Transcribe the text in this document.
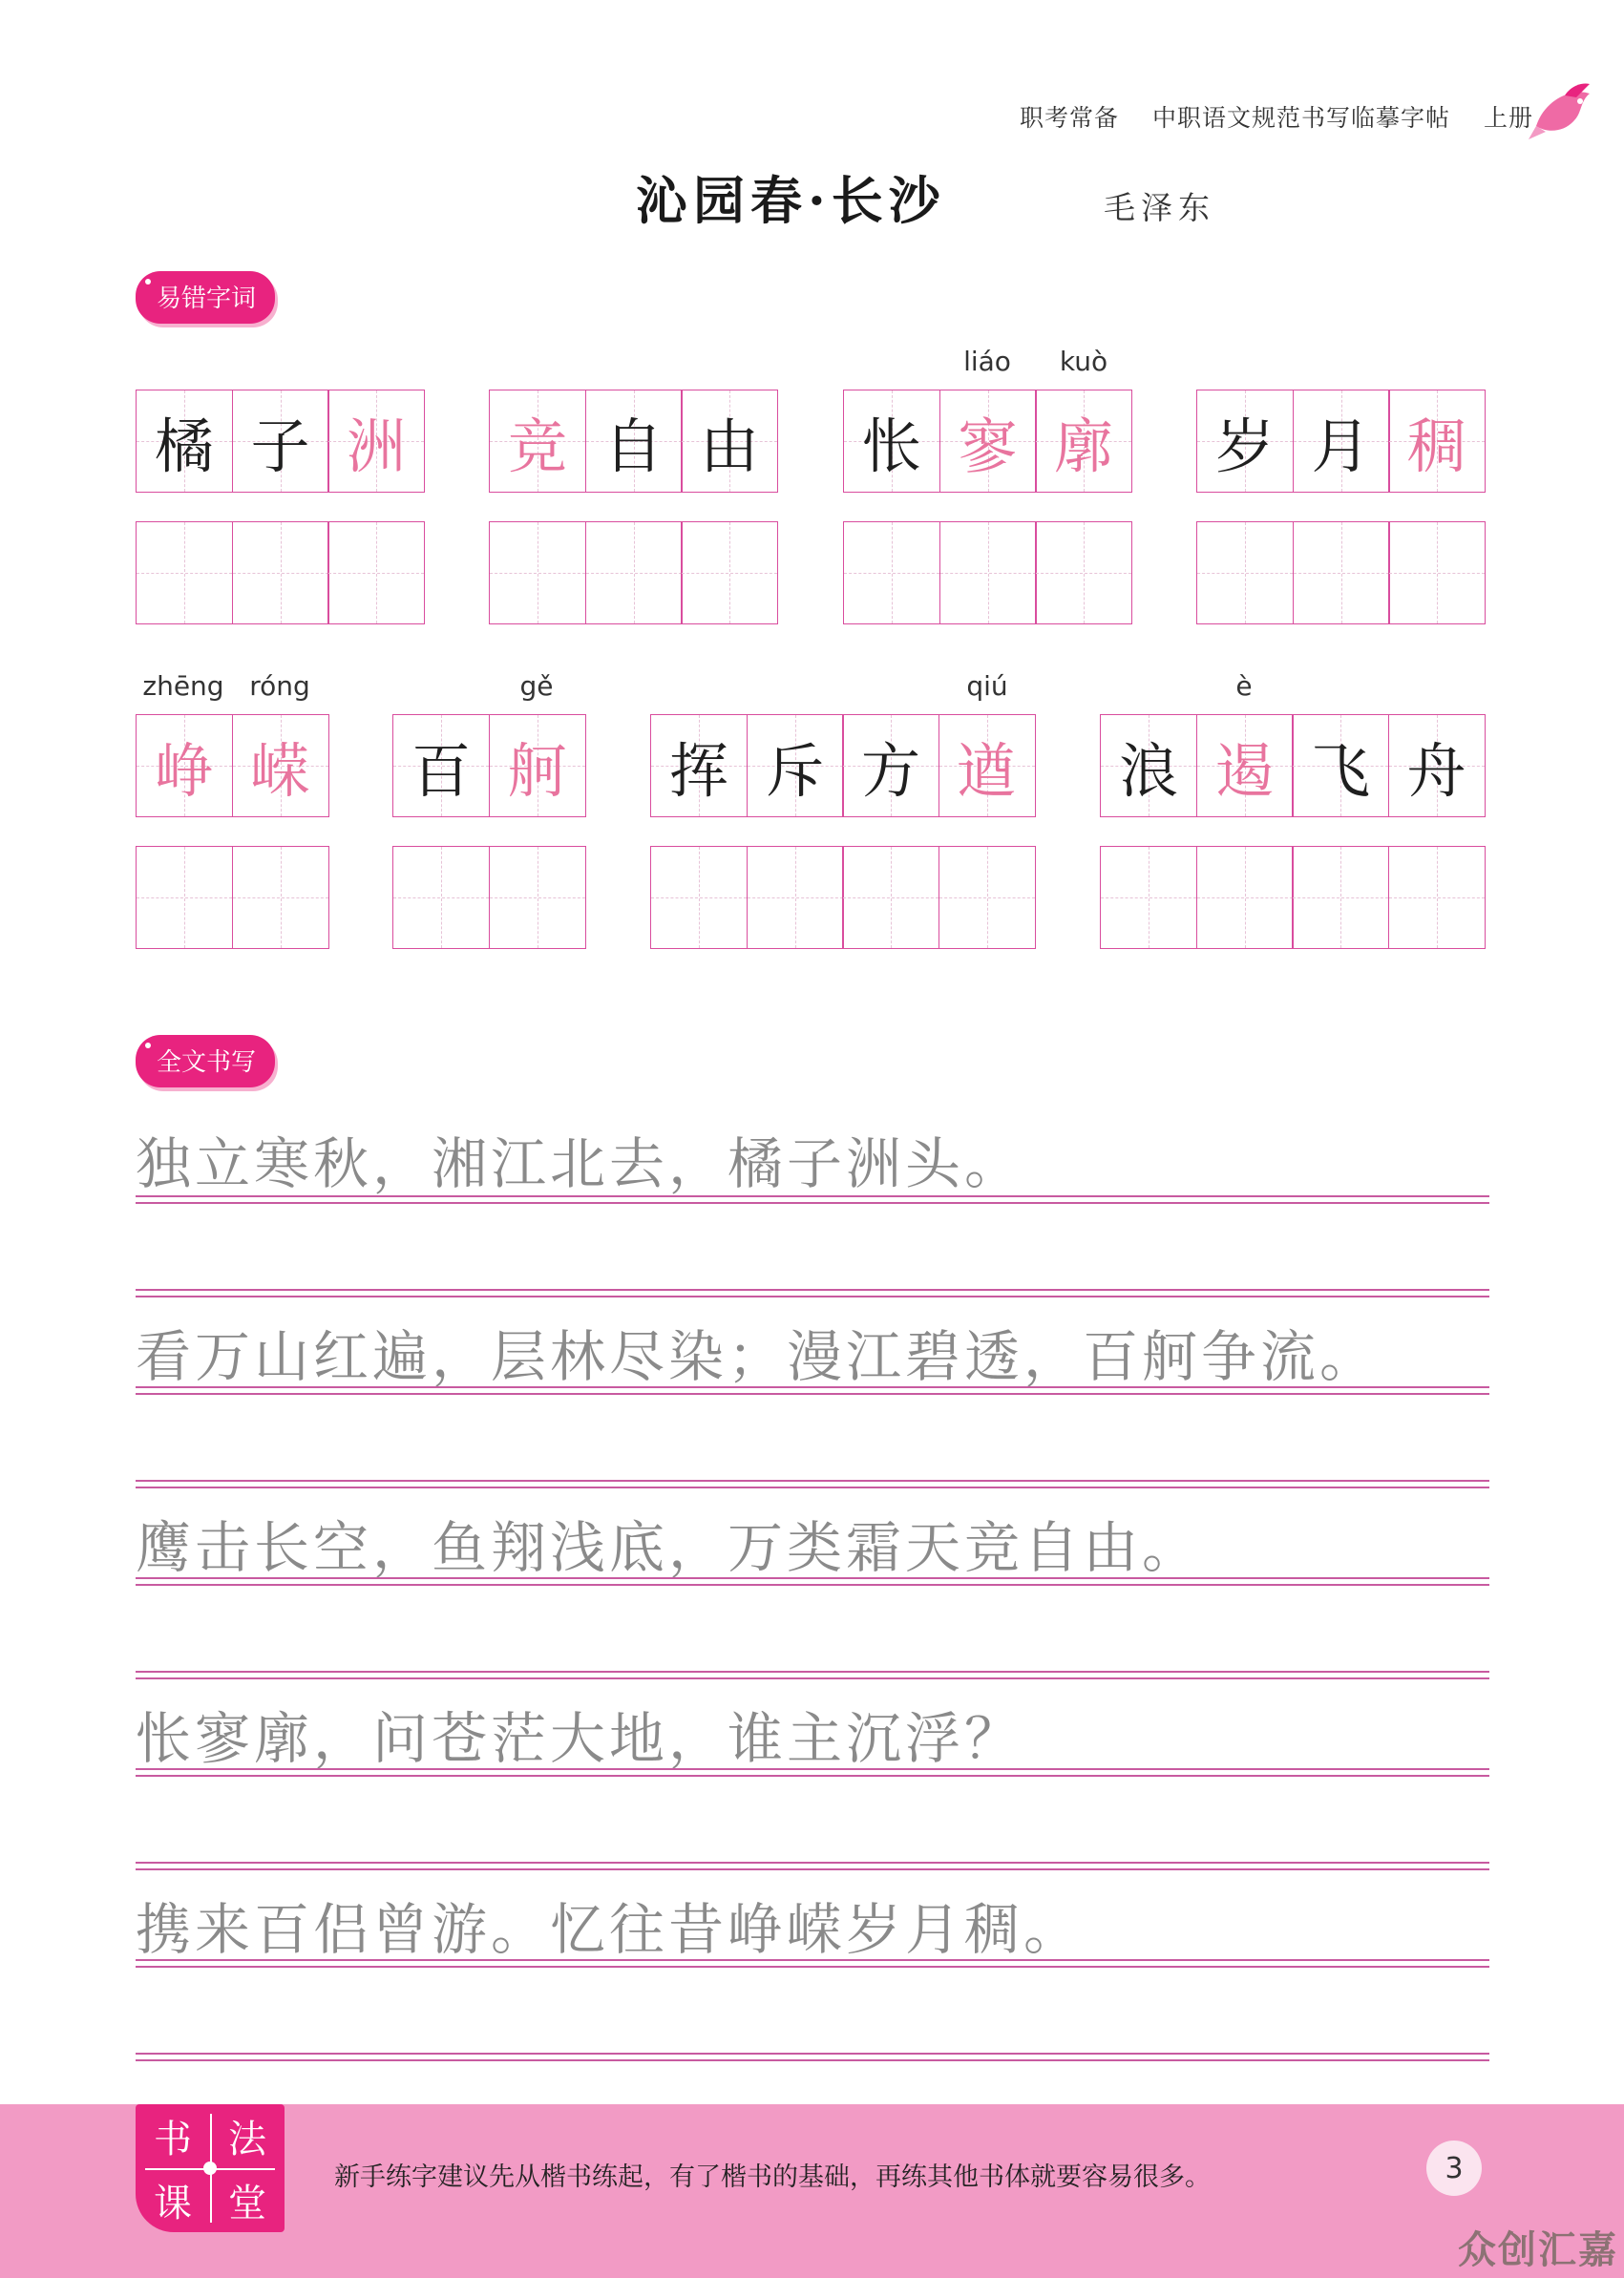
职考常备 中职语文规范书写临摹字帖 上册
沁园春·长沙	毛泽东
易错字词
橘 子 洲 竞 自 由
liáo	kuò
怅 寥 廓 岁 月 稠
zhēng róng
峥 嵘
gě
百 舸
qiú
挥 斥 方 遒
è
浪 遏 飞 舟
全文书写
独立寒秋，湘江北去，橘子洲头。
看万山红遍，层林尽染；漫江碧透，百舸争流。
鹰击长空，鱼翔浅底，万类霜天竞自由。
怅寥廓，问苍茫大地，谁主沉浮？
携来百侣曾游。忆往昔峥嵘岁月稠。
书 法
课 堂
新手练字建议先从楷书练起，有了楷书的基础，再练其他书体就要容易很多。	3
众创汇嘉
